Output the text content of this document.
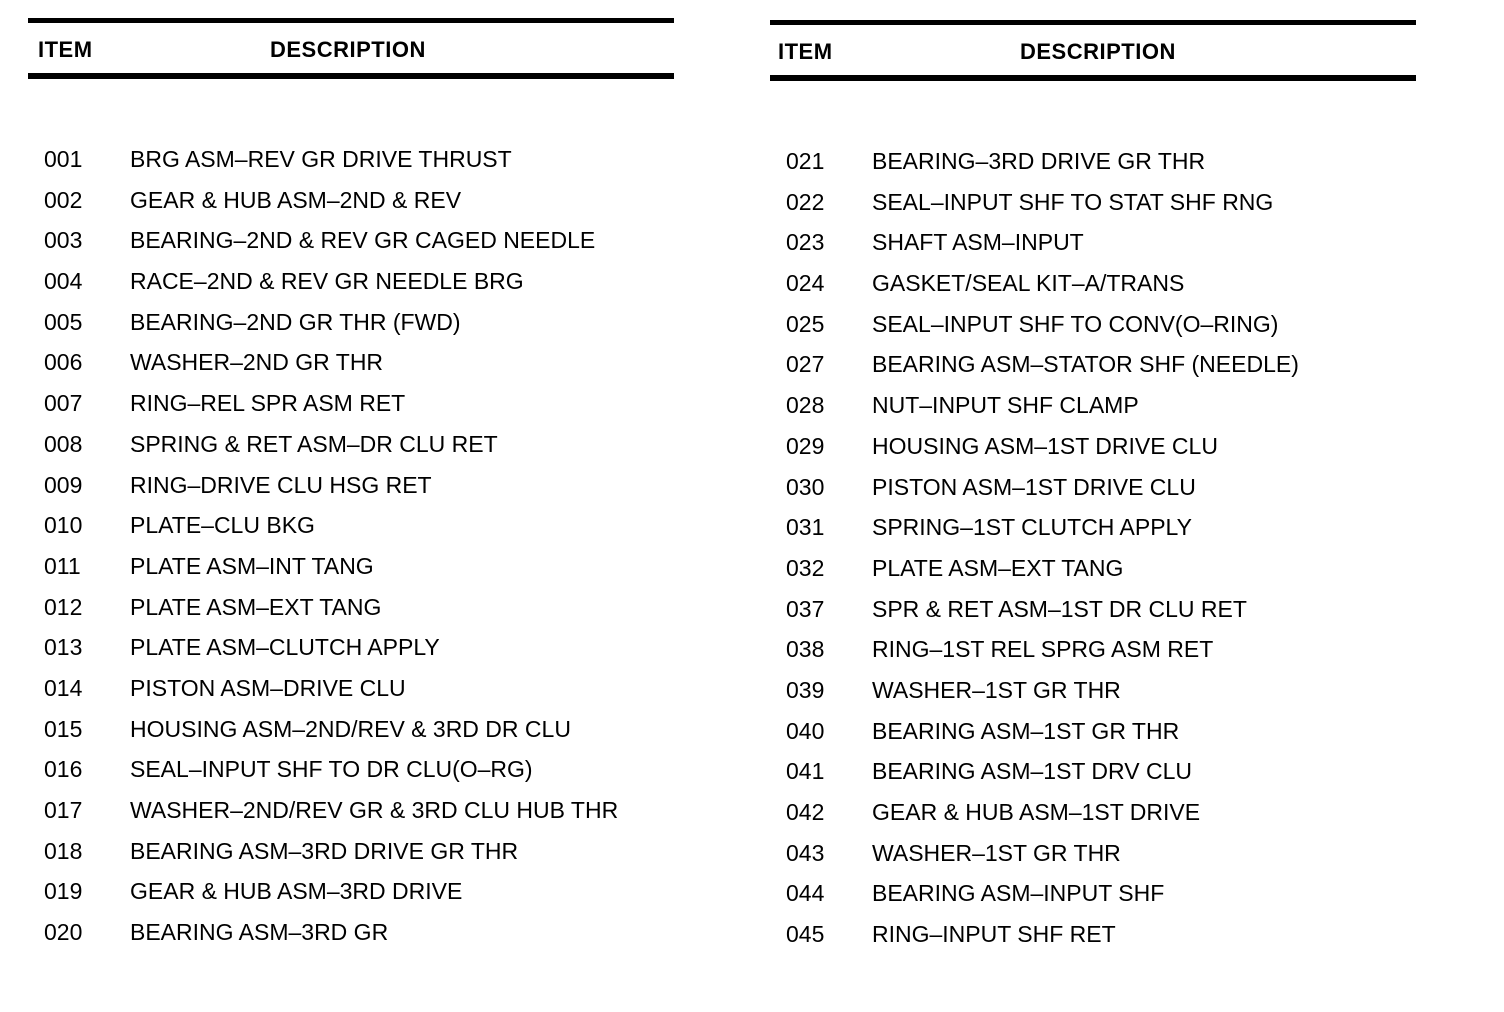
ITEM	DESCRIPTION
001 BRG ASM–REV GR DRIVE THRUST
002 GEAR & HUB ASM–2ND & REV
003 BEARING–2ND & REV GR CAGED NEEDLE
004 RACE–2ND & REV GR NEEDLE BRG
005 BEARING–2ND GR THR (FWD)
006 WASHER–2ND GR THR
007 RING–REL SPR ASM RET
008 SPRING & RET ASM–DR CLU RET
009 RING–DRIVE CLU HSG RET
010 PLATE–CLU BKG
011 PLATE ASM–INT TANG
012 PLATE ASM–EXT TANG
013 PLATE ASM–CLUTCH APPLY
014 PISTON ASM–DRIVE CLU
015 HOUSING ASM–2ND/REV & 3RD DR CLU
016 SEAL–INPUT SHF TO DR CLU(O–RG)
017 WASHER–2ND/REV GR & 3RD CLU HUB THR
018 BEARING ASM–3RD DRIVE GR THR
019 GEAR & HUB ASM–3RD DRIVE
020 BEARING ASM–3RD GR
ITEM	DESCRIPTION
021 BEARING–3RD DRIVE GR THR
022 SEAL–INPUT SHF TO STAT SHF RNG
023 SHAFT ASM–INPUT
024 GASKET/SEAL KIT–A/TRANS
025 SEAL–INPUT SHF TO CONV(O–RING)
027 BEARING ASM–STATOR SHF (NEEDLE)
028 NUT–INPUT SHF CLAMP
029 HOUSING ASM–1ST DRIVE CLU
030 PISTON ASM–1ST DRIVE CLU
031 SPRING–1ST CLUTCH APPLY
032 PLATE ASM–EXT TANG
037 SPR & RET ASM–1ST DR CLU RET
038 RING–1ST REL SPRG ASM RET
039 WASHER–1ST GR THR
040 BEARING ASM–1ST GR THR
041 BEARING ASM–1ST DRV CLU
042 GEAR & HUB ASM–1ST DRIVE
043 WASHER–1ST GR THR
044 BEARING ASM–INPUT SHF
045 RING–INPUT SHF RET
